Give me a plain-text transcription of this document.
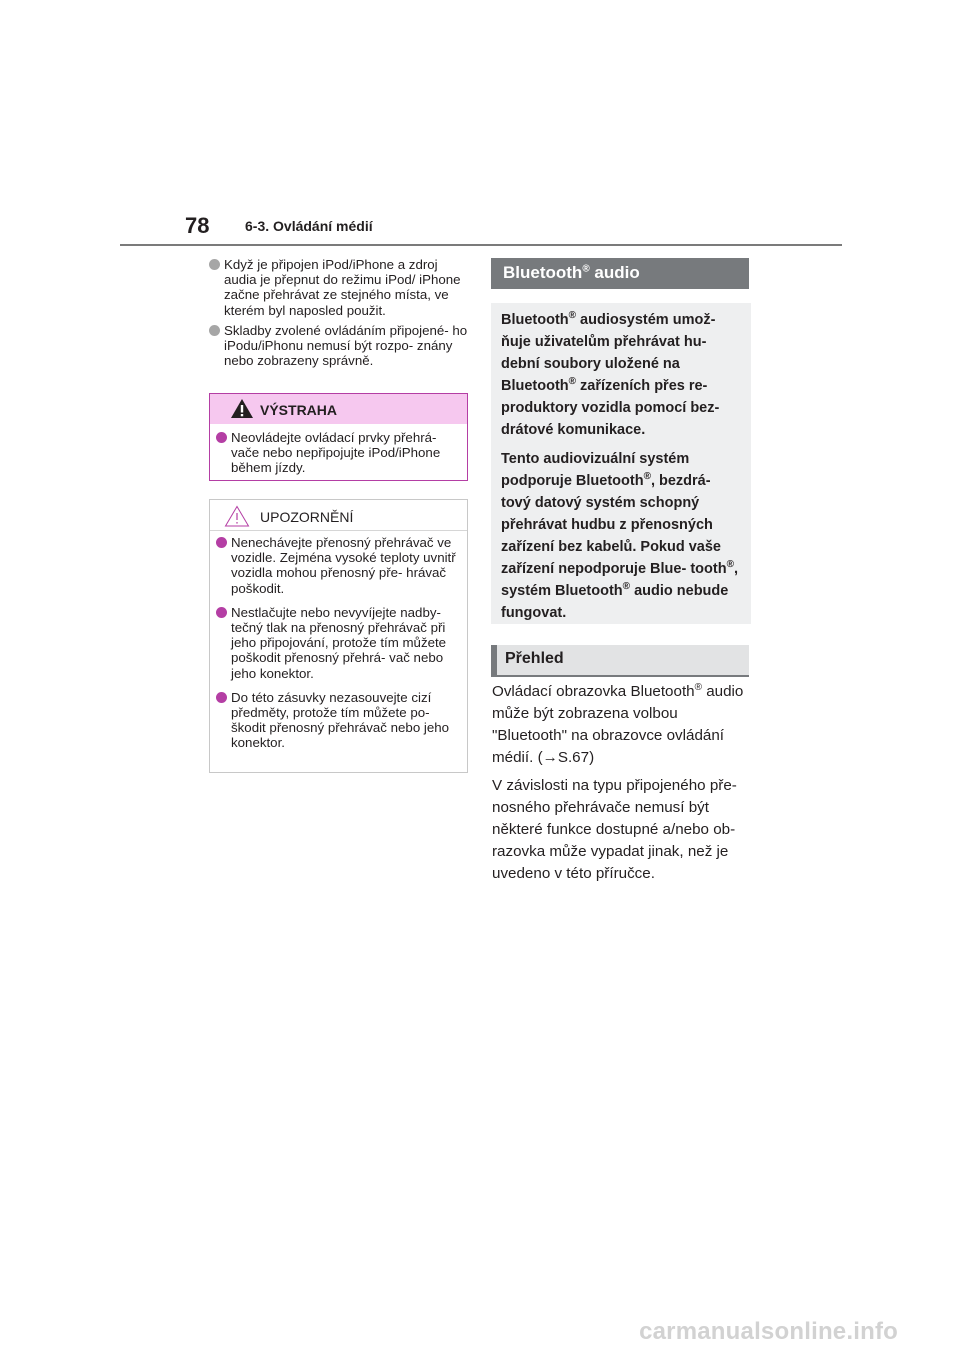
78	6-3. Ovládání médií
Když je připojen iPod/iPhone a zdroj audia je přepnut do režimu iPod/ iPhone začne přehrávat ze stejného místa, ve kterém byl naposled použit.
Skladby zvolené ovládáním připojené- ho iPodu/iPhonu nemusí být rozpo- znány nebo zobrazeny správně.
VÝSTRAHA
Neovládejte ovládací prvky přehrá- vače nebo nepřipojujte iPod/iPhone během jízdy.
UPOZORNĚNÍ
Nenechávejte přenosný přehrávač ve vozidle. Zejména vysoké teploty uvnitř vozidla mohou přenosný pře- hrávač poškodit.
Nestlačujte nebo nevyvíjejte nadby- tečný tlak na přenosný přehrávač při jeho připojování, protože tím můžete poškodit přenosný přehrá- vač nebo jeho konektor.
Do této zásuvky nezasouvejte cizí předměty, protože tím můžete po- škodit přenosný přehrávač nebo jeho konektor.
Bluetooth® audio

Bluetooth® audiosystém umož- ňuje uživatelům přehrávat hu- dební soubory uložené na Bluetooth® zařízeních přes re- produktory vozidla pomocí bez- drátové komunikace.

Tento audiovizuální systém podporuje Bluetooth®, bezdrá- tový datový systém schopný přehrávat hudbu z přenosných zařízení bez kabelů. Pokud vaše zařízení nepodporuje Blue- tooth®, systém Bluetooth® audio nebude fungovat.

Přehled

Ovládací obrazovka Bluetooth® audio může být zobrazena volbou "Bluetooth" na obrazovce ovládání médií. (→S.67)

V závislosti na typu připojeného pře- nosného přehrávače nemusí být některé funkce dostupné a/nebo ob- razovka může vypadat jinak, než je uvedeno v této příručce.

carmanualsonline.info
